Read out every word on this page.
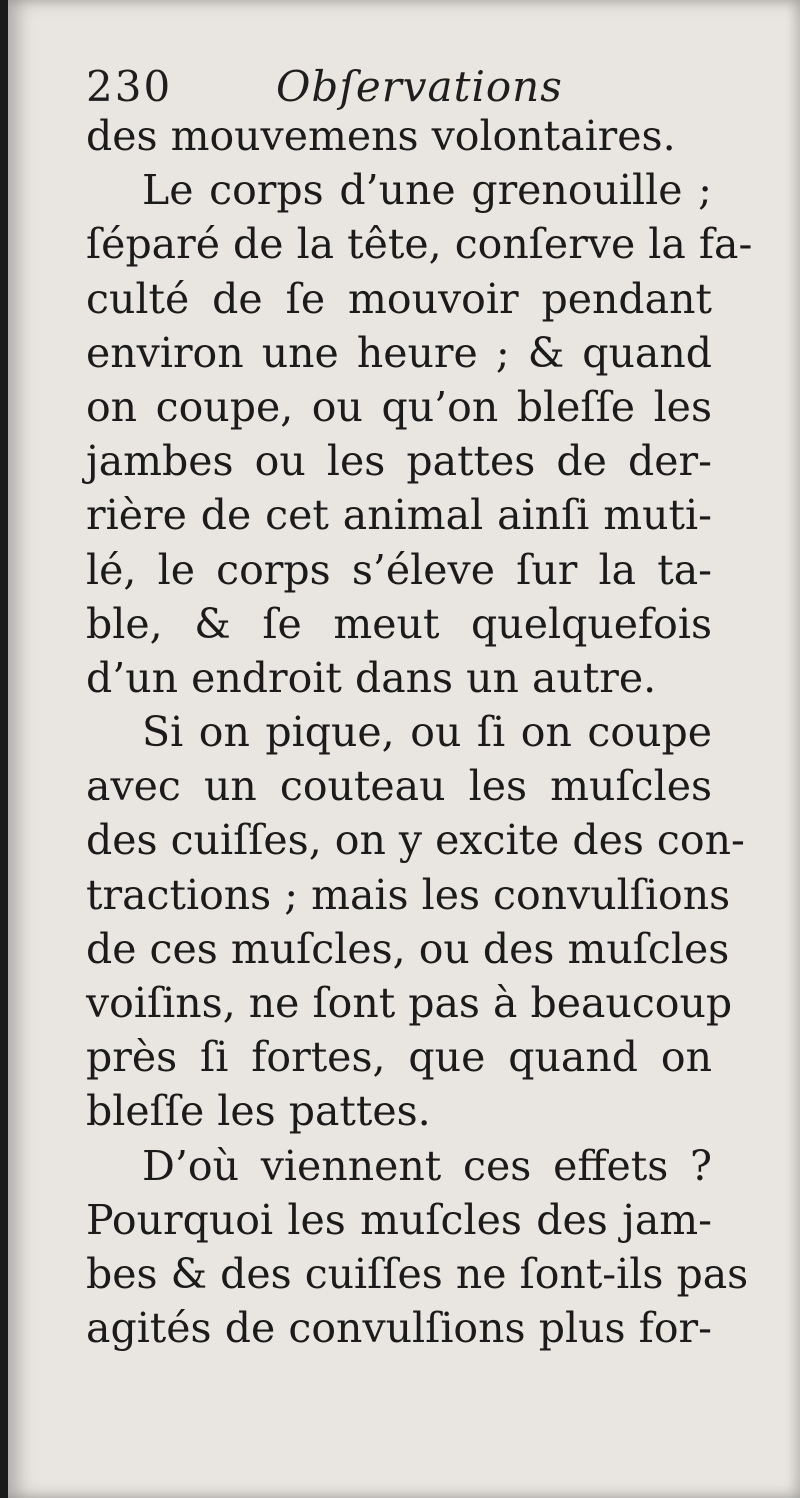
230 Obſervations
des mouvemens volontaires.
Le corps d’une grenouille ;
ſéparé de la tête, conſerve la fa-
culté de ſe mouvoir pendant
environ une heure ; & quand
on coupe, ou qu’on bleſſe les
jambes ou les pattes de der-
rière de cet animal ainſi muti-
lé, le corps s’éleve ſur la ta-
ble, & ſe meut quelquefois
d’un endroit dans un autre.
Si on pique, ou ſi on coupe
avec un couteau les muſcles
des cuiſſes, on y excite des con-
tractions ; mais les convulſions
de ces muſcles, ou des muſcles
voiſins, ne ſont pas à beaucoup
près ſi fortes, que quand on
bleſſe les pattes.
D’où viennent ces effets ?
Pourquoi les muſcles des jam-
bes & des cuiſſes ne ſont-ils pas
agités de convulſions plus for-
